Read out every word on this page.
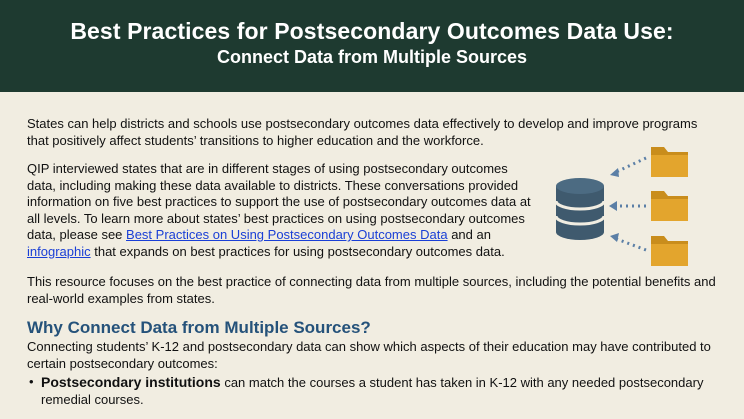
Best Practices for Postsecondary Outcomes Data Use:
Connect Data from Multiple Sources

States can help districts and schools use postsecondary outcomes data effectively to develop and improve programs that positively affect students’ transitions to higher education and the workforce.

QIP interviewed states that are in different stages of using postsecondary outcomes data, including making these data available to districts. These conversations provided information on five best practices to support the use of postsecondary outcomes data at all levels. To learn more about states’ best practices on using postsecondary outcomes data, please see Best Practices on Using Postsecondary Outcomes Data and an infographic that expands on best practices for using postsecondary outcomes data.

This resource focuses on the best practice of connecting data from multiple sources, including the potential benefits and real-world examples from states.

Why Connect Data from Multiple Sources?

Connecting students’ K-12 and postsecondary data can show which aspects of their education may have contributed to certain postsecondary outcomes:

• Postsecondary institutions can match the courses a student has taken in K-12 with any needed postsecondary remedial courses.
